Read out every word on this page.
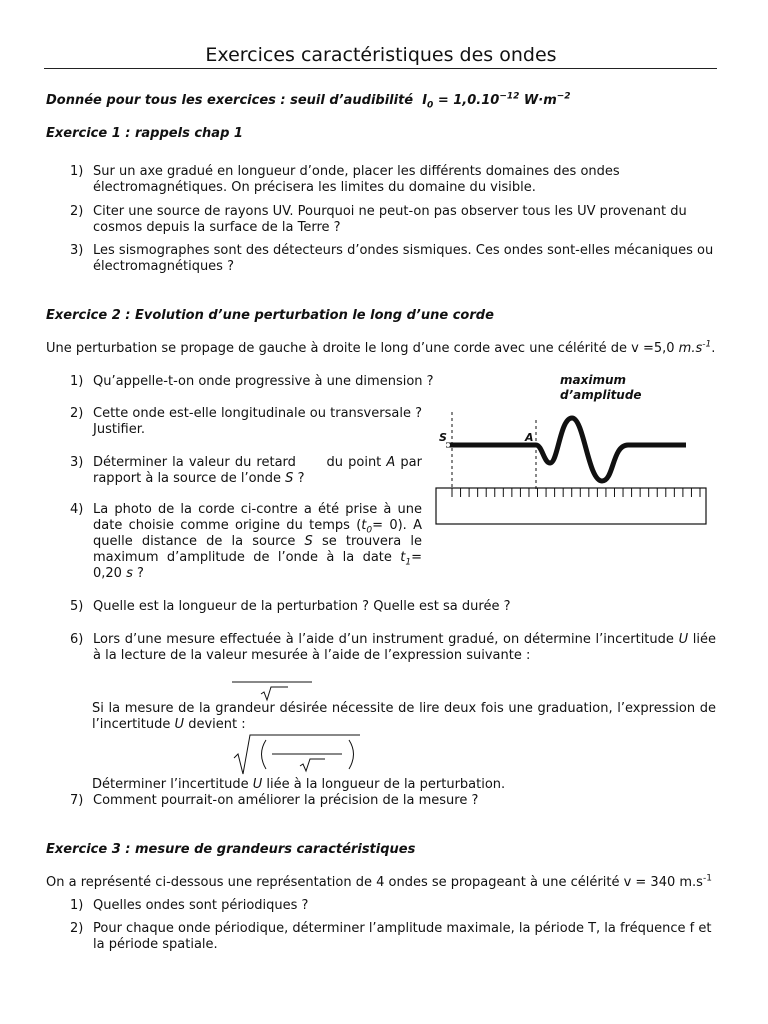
Exercices caractéristiques des ondes
Donnée pour tous les exercices : seuil d’audibilité $I_0 = 1,0.10^{-12}$ $W\cdot m^{-2}$
Exercice 1 : rappels chap 1
1) Sur un axe gradué en longueur d’onde, placer les différents domaines des ondes électromagnétiques. On précisera les limites du domaine du visible.
2) Citer une source de rayons UV. Pourquoi ne peut-on pas observer tous les UV provenant du cosmos depuis la surface de la Terre ?
3) Les sismographes sont des détecteurs d’ondes sismiques. Ces ondes sont-elles mécaniques ou électromagnétiques ?
Exercice 2 : Evolution d’une perturbation le long d’une corde
Une perturbation se propage de gauche à droite le long d’une corde avec une célérité de v =5,0 $m.s^{-1}$.
1) Qu’appelle-t-on onde progressive à une dimension ?
2) Cette onde est-elle longitudinale ou transversale ? Justifier.
3) Déterminer la valeur du retard du point A par rapport à la source de l’onde S ?
4) La photo de la corde ci-contre a été prise à une date choisie comme origine du temps $(t_0= 0)$. A quelle distance de la source S se trouvera le maximum d’amplitude de l’onde à la date $t_1= 0,20$ s ?
maximum
d’amplitude
S	A
5) Quelle est la longueur de la perturbation ? Quelle est sa durée ?
6) Lors d’une mesure effectuée à l’aide d’un instrument gradué, on détermine l’incertitude U liée à la lecture de la valeur mesurée à l’aide de l’expression suivante :
Si la mesure de la grandeur désirée nécessite de lire deux fois une graduation, l’expression de l’incertitude U devient :
Déterminer l’incertitude U liée à la longueur de la perturbation.
7) Comment pourrait-on améliorer la précision de la mesure ?
Exercice 3 : mesure de grandeurs caractéristiques
On a représenté ci-dessous une représentation de 4 ondes se propageant à une célérité v = 340 $m.s^{-1}$
1) Quelles ondes sont périodiques ?
2) Pour chaque onde périodique, déterminer l’amplitude maximale, la période T, la fréquence f et la période spatiale.
